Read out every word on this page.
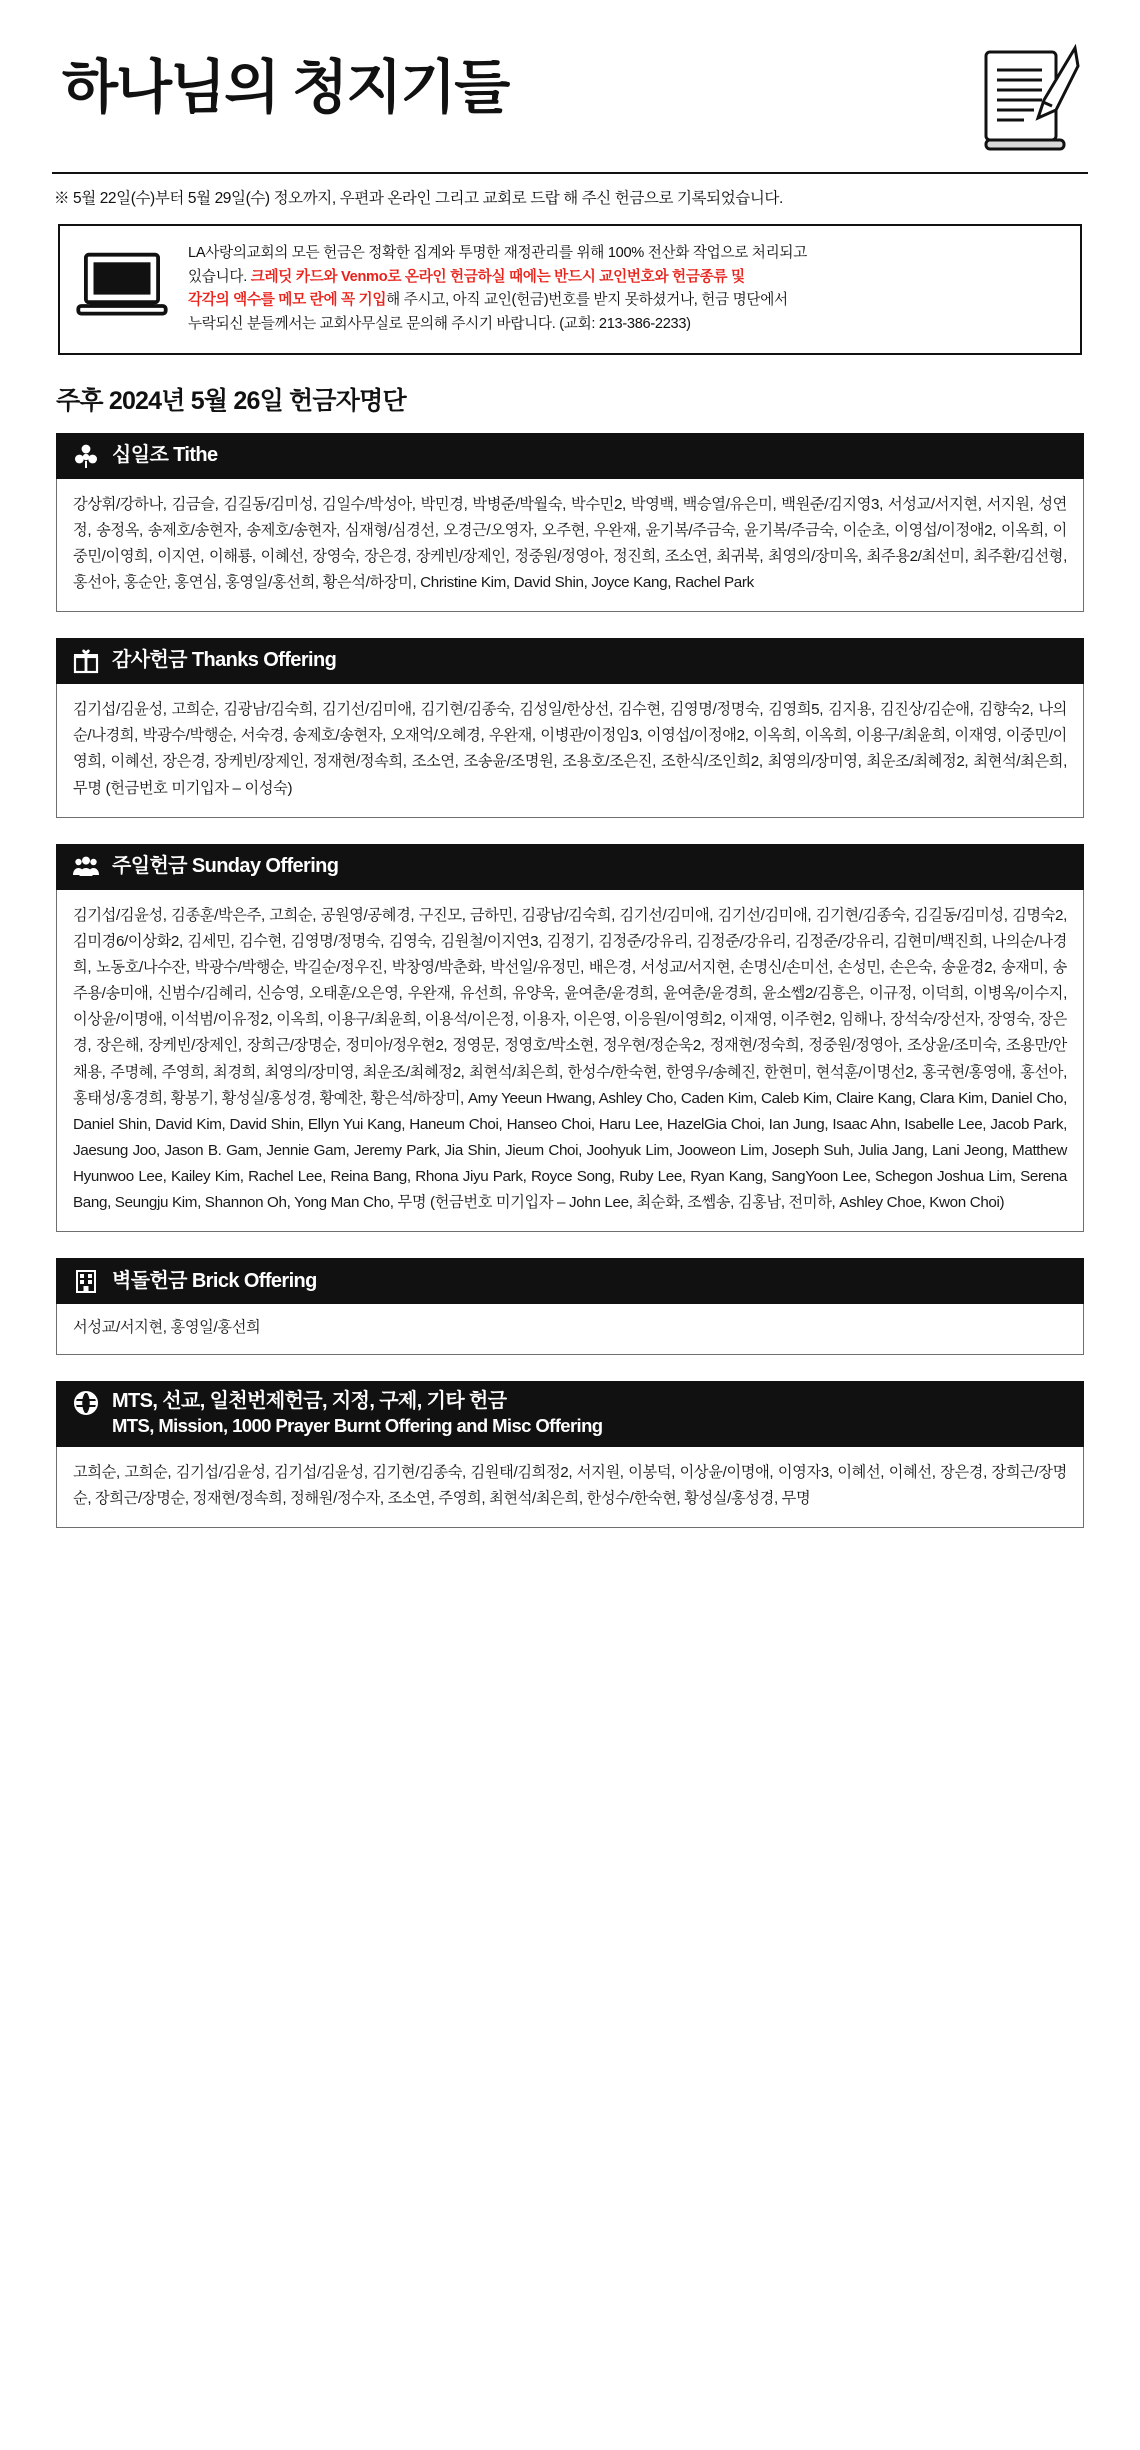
하나님의 청지기들
※ 5월 22일(수)부터 5월 29일(수) 정오까지, 우편과 온라인 그리고 교회로 드랍 해 주신 헌금으로 기록되었습니다.
LA사랑의교회의 모든 헌금은 정확한 집계와 투명한 재정관리를 위해 100% 전산화 작업으로 처리되고
있습니다. 크레딧 카드와 Venmo로 온라인 헌금하실 때에는 반드시 교인번호와 헌금종류 및
각각의 액수를 메모 란에 꼭 기입해 주시고, 아직 교인(헌금)번호를 받지 못하셨거나, 헌금 명단에서
누락되신 분들께서는 교회사무실로 문의해 주시기 바랍니다. (교회: 213-386-2233)
주후 2024년 5월 26일 헌금자명단
십일조 Tithe
강상휘/강하나, 김금슬, 김길동/김미성, 김일수/박성아, 박민경, 박병준/박월숙, 박수민2, 박영백, 백승열/유은미, 백원준/김지영3, 서성교/서지현, 서지원, 성연정, 송정옥, 송제호/송현자, 송제호/송현자, 심재형/심경선, 오경근/오영자, 오주현, 우완재, 윤기복/주금숙, 윤기복/주금숙, 이순초, 이영섭/이정애2, 이옥희, 이중민/이영희, 이지연, 이해룡, 이혜선, 장영숙, 장은경, 장케빈/장제인, 정중원/정영아, 정진희, 조소연, 최귀북, 최영의/장미옥, 최주용2/최선미, 최주환/김선형, 홍선아, 홍순안, 홍연심, 홍영일/홍선희, 황은석/하장미, Christine Kim, David Shin, Joyce Kang, Rachel Park
감사헌금 Thanks Offering
김기섭/김윤성, 고희순, 김광남/김숙희, 김기선/김미애, 김기현/김종숙, 김성일/한상선, 김수현, 김영명/정명숙, 김영희5, 김지용, 김진상/김순애, 김향숙2, 나의순/나경희, 박광수/박행순, 서숙경, 송제호/송현자, 오재억/오혜경, 우완재, 이병관/이정임3, 이영섭/이정애2, 이옥희, 이옥희, 이용구/최윤희, 이재영, 이중민/이영희, 이혜선, 장은경, 장케빈/장제인, 정재현/정속희, 조소연, 조송윤/조명원, 조용호/조은진, 조한식/조인희2, 최영의/장미영, 최운조/최혜정2, 최현석/최은희, 무명 (헌금번호 미기입자 – 이성숙)
주일헌금 Sunday Offering
김기섭/김윤성, 김종훈/박은주, 고희순, 공원영/공혜경, 구진모, 금하민, 김광남/김숙희, 김기선/김미애, 김기선/김미애, 김기현/김종숙, 김길동/김미성, 김명숙2, 김미경6/이상화2, 김세민, 김수현, 김영명/정명숙, 김영숙, 김원철/이지연3, 김정기, 김정준/강유리, 김정준/강유리, 김정준/강유리, 김현미/백진희, 나의순/나경희, 노동호/나수잔, 박광수/박행순, 박길순/정우진, 박창영/박춘화, 박선일/유정민, 배은경, 서성교/서지현, 손명신/손미선, 손성민, 손은숙, 송윤경2, 송재미, 송주용/송미애, 신범수/김혜리, 신승영, 오태훈/오은영, 우완재, 유선희, 유양욱, 윤여춘/윤경희, 윤여춘/윤경희, 윤소쎕2/김흥은, 이규정, 이덕희, 이병옥/이수지, 이상윤/이명애, 이석범/이유정2, 이옥희, 이용구/최윤희, 이용석/이은정, 이용자, 이은영, 이응원/이영희2, 이재영, 이주현2, 임해나, 장석숙/장선자, 장영숙, 장은경, 장은해, 장케빈/장제인, 장희근/장명순, 정미아/정우현2, 정영문, 정영호/박소현, 정우현/정순욱2, 정재현/정숙희, 정중원/정영아, 조상윤/조미숙, 조용만/안채용, 주명혜, 주영희, 최경희, 최영의/장미영, 최운조/최혜정2, 최현석/최은희, 한성수/한숙현, 한영우/송혜진, 한현미, 현석훈/이명선2, 홍국현/홍영애, 홍선아, 홍태성/홍경희, 황봉기, 황성실/홍성경, 황예찬, 황은석/하장미, Amy Yeeun Hwang, Ashley Cho, Caden Kim, Caleb Kim, Claire Kang, Clara Kim, Daniel Cho, Daniel Shin, David Kim, David Shin, Ellyn Yui Kang, Haneum Choi, Hanseo Choi, Haru Lee, HazelGia Choi, Ian Jung, Isaac Ahn, Isabelle Lee, Jacob Park, Jaesung Joo, Jason B. Gam, Jennie Gam, Jeremy Park, Jia Shin, Jieum Choi, Joohyuk Lim, Jooweon Lim, Joseph Suh, Julia Jang, Lani Jeong, Matthew Hyunwoo Lee, Kailey Kim, Rachel Lee, Reina Bang, Rhona Jiyu Park, Royce Song, Ruby Lee, Ryan Kang, SangYoon Lee, Schegon Joshua Lim, Serena Bang, Seungju Kim, Shannon Oh, Yong Man Cho, 무명 (헌금번호 미기입자 – John Lee, 최순화, 조쎕송, 김홍남, 전미하, Ashley Choe, Kwon Choi)
벽돌헌금 Brick Offering
서성교/서지현, 홍영일/홍선희
MTS, 선교, 일천번제헌금, 지정, 구제, 기타 헌금
MTS, Mission, 1000 Prayer Burnt Offering and Misc Offering
고희순, 고희순, 김기섭/김윤성, 김기섭/김윤성, 김기현/김종숙, 김원태/김희정2, 서지원, 이봉덕, 이상윤/이명애, 이영자3, 이혜선, 이혜선, 장은경, 장희근/장명순, 장희근/장명순, 정재현/정속희, 정해원/정수자, 조소연, 주영희, 최현석/최은희, 한성수/한숙현, 황성실/홍성경, 무명
